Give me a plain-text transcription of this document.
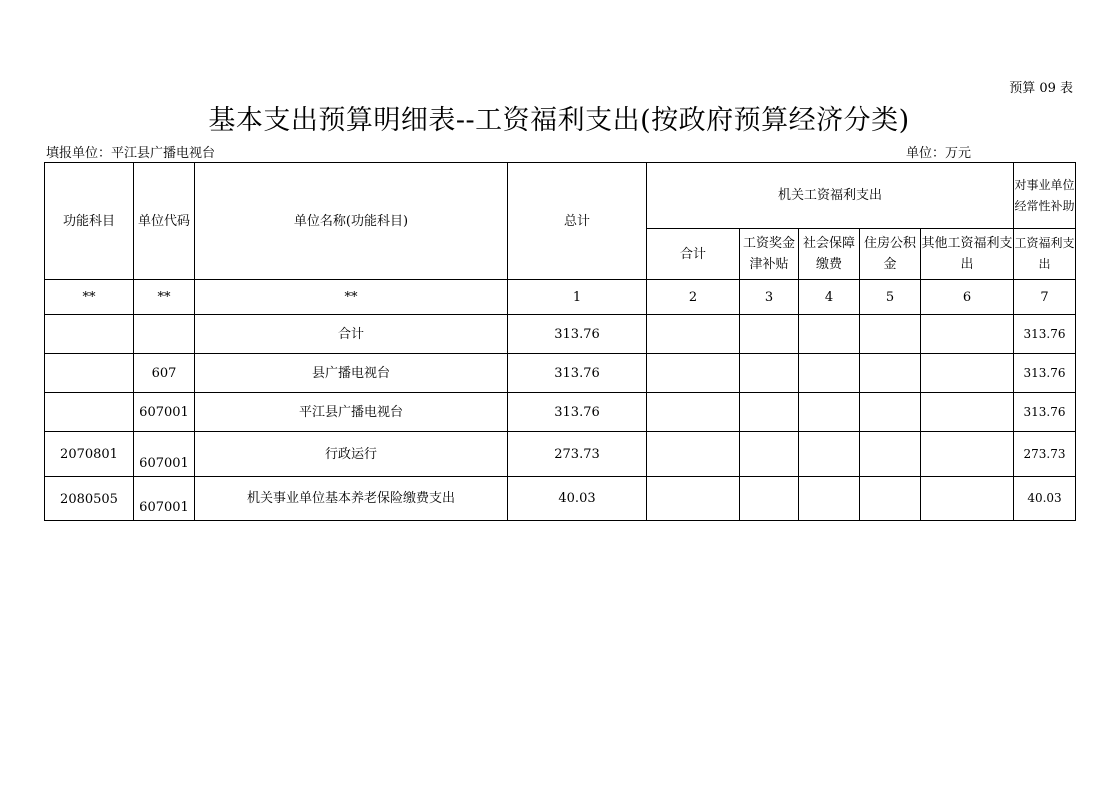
预算 09 表
基本支出预算明细表--工资福利支出(按政府预算经济分类)
填报单位：平江县广播电视台	单位：万元
功能科目	单位代码	单位名称(功能科目)	总计	机关工资福利支出					对事业单位经常性补助
				合计	工资奖金津补贴	社会保障缴费	住房公积金	其他工资福利支出	工资福利支出
**	**	**	1	2	3	4	5	6	7
		合计	313.76						313.76
	607	县广播电视台	313.76						313.76
	607001	平江县广播电视台	313.76						313.76
2070801	607001	行政运行	273.73						273.73
2080505	607001	机关事业单位基本养老保险缴费支出	40.03						40.03
